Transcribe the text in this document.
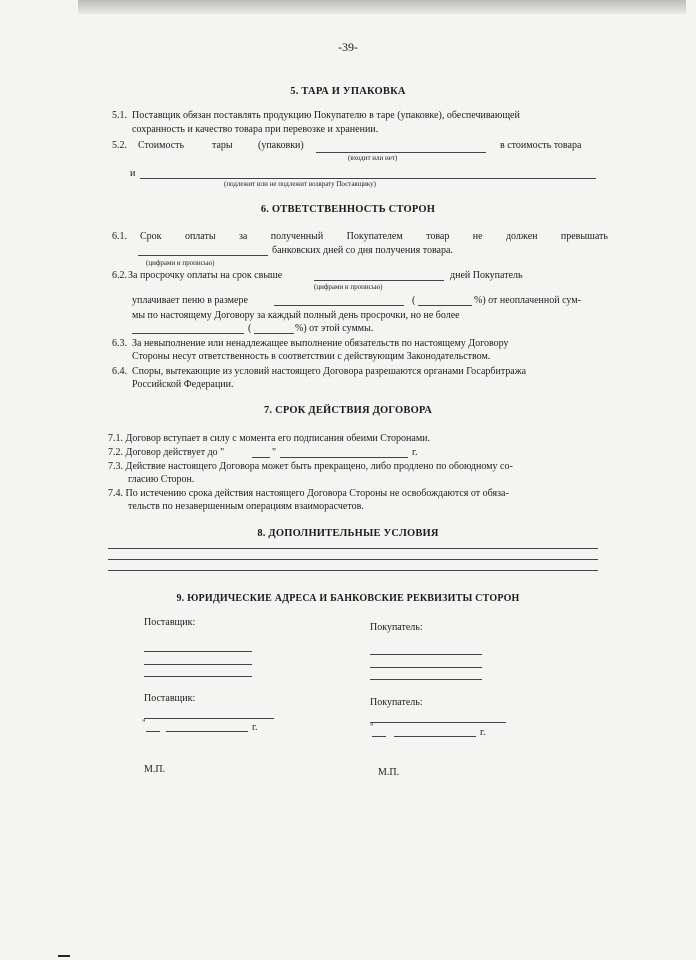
-39-
5. ТАРА И УПАКОВКА
5.1. Поставщик обязан поставлять продукцию Покупателю в таре (упаковке), обеспечивающей
сохранность и качество товара при перевозке и хранении.
5.2. Стоимость	тары	(упаковки)	в стоимость товара
(входит или нет)
и
(подлежит или не подлежит возврату Поставщику)
6. ОТВЕТСТВЕННОСТЬ СТОРОН
6.1. Срок оплаты за полученный Покупателем товар не должен превышать
банковских дней со дня получения товара.
(цифрами и прописью)
6.2. За просрочку оплаты на срок свыше	дней Покупатель
(цифрами и прописью)
уплачивает пеню в размере	(	%) от неоплаченной сум-
мы по настоящему Договору за каждый полный день просрочки, но не более
(	%) от этой суммы.
6.3. За невыполнение или ненадлежащее выполнение обязательств по настоящему Договору
Стороны несут ответственность в соответствии с действующим Законодательством.
6.4. Споры, вытекающие из условий настоящего Договора разрешаются органами Госарбитража
Российской Федерации.
7. СРОК ДЕЙСТВИЯ ДОГОВОРА
7.1. Договор вступает в силу с момента его подписания обеими Сторонами.
7.2. Договор действует до "	"	г.
7.3. Действие настоящего Договора может быть прекращено, либо продлено по обоюдному со-
гласию Сторон.
7.4. По истечению срока действия настоящего Договора Стороны не освобождаются от обяза-
тельств по незавершенным операциям взаиморасчетов.
8. ДОПОЛНИТЕЛЬНЫЕ УСЛОВИЯ
9. ЮРИДИЧЕСКИЕ АДРЕСА И БАНКОВСКИЕ РЕКВИЗИТЫ СТОРОН
Поставщик:	Покупатель:
Поставщик:
"	г.
Покупатель:
"	г.
М.П.	М.П.
